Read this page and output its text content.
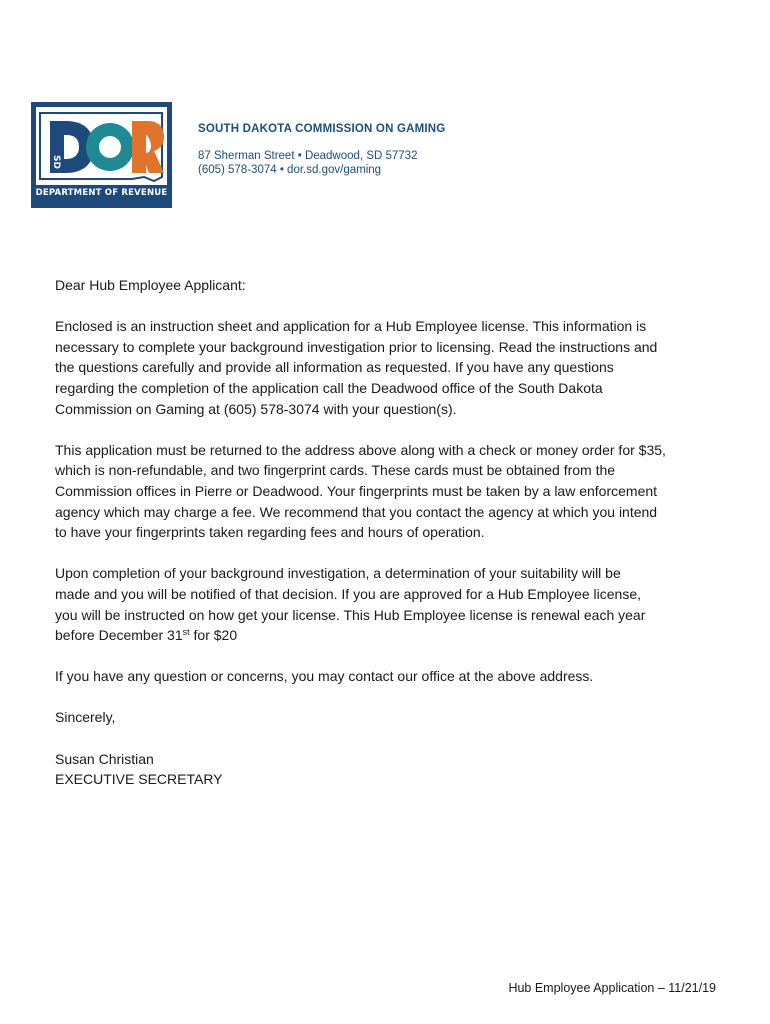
SD
DEPARTMENT OF REVENUE
SOUTH DAKOTA COMMISSION ON GAMING
87 Sherman Street • Deadwood, SD 57732
(605) 578-3074 • dor.sd.gov/gaming

Dear Hub Employee Applicant:

Enclosed is an instruction sheet and application for a Hub Employee license. This information is
necessary to complete your background investigation prior to licensing. Read the instructions and
the questions carefully and provide all information as requested. If you have any questions
regarding the completion of the application call the Deadwood office of the South Dakota
Commission on Gaming at (605) 578-3074 with your question(s).

This application must be returned to the address above along with a check or money order for $35,
which is non-refundable, and two fingerprint cards. These cards must be obtained from the
Commission offices in Pierre or Deadwood. Your fingerprints must be taken by a law enforcement
agency which may charge a fee. We recommend that you contact the agency at which you intend
to have your fingerprints taken regarding fees and hours of operation.

Upon completion of your background investigation, a determination of your suitability will be
made and you will be notified of that decision. If you are approved for a Hub Employee license,
you will be instructed on how get your license. This Hub Employee license is renewal each year
before December 31st for $20

If you have any question or concerns, you may contact our office at the above address.

Sincerely,

Susan Christian
EXECUTIVE SECRETARY

Hub Employee Application – 11/21/19
